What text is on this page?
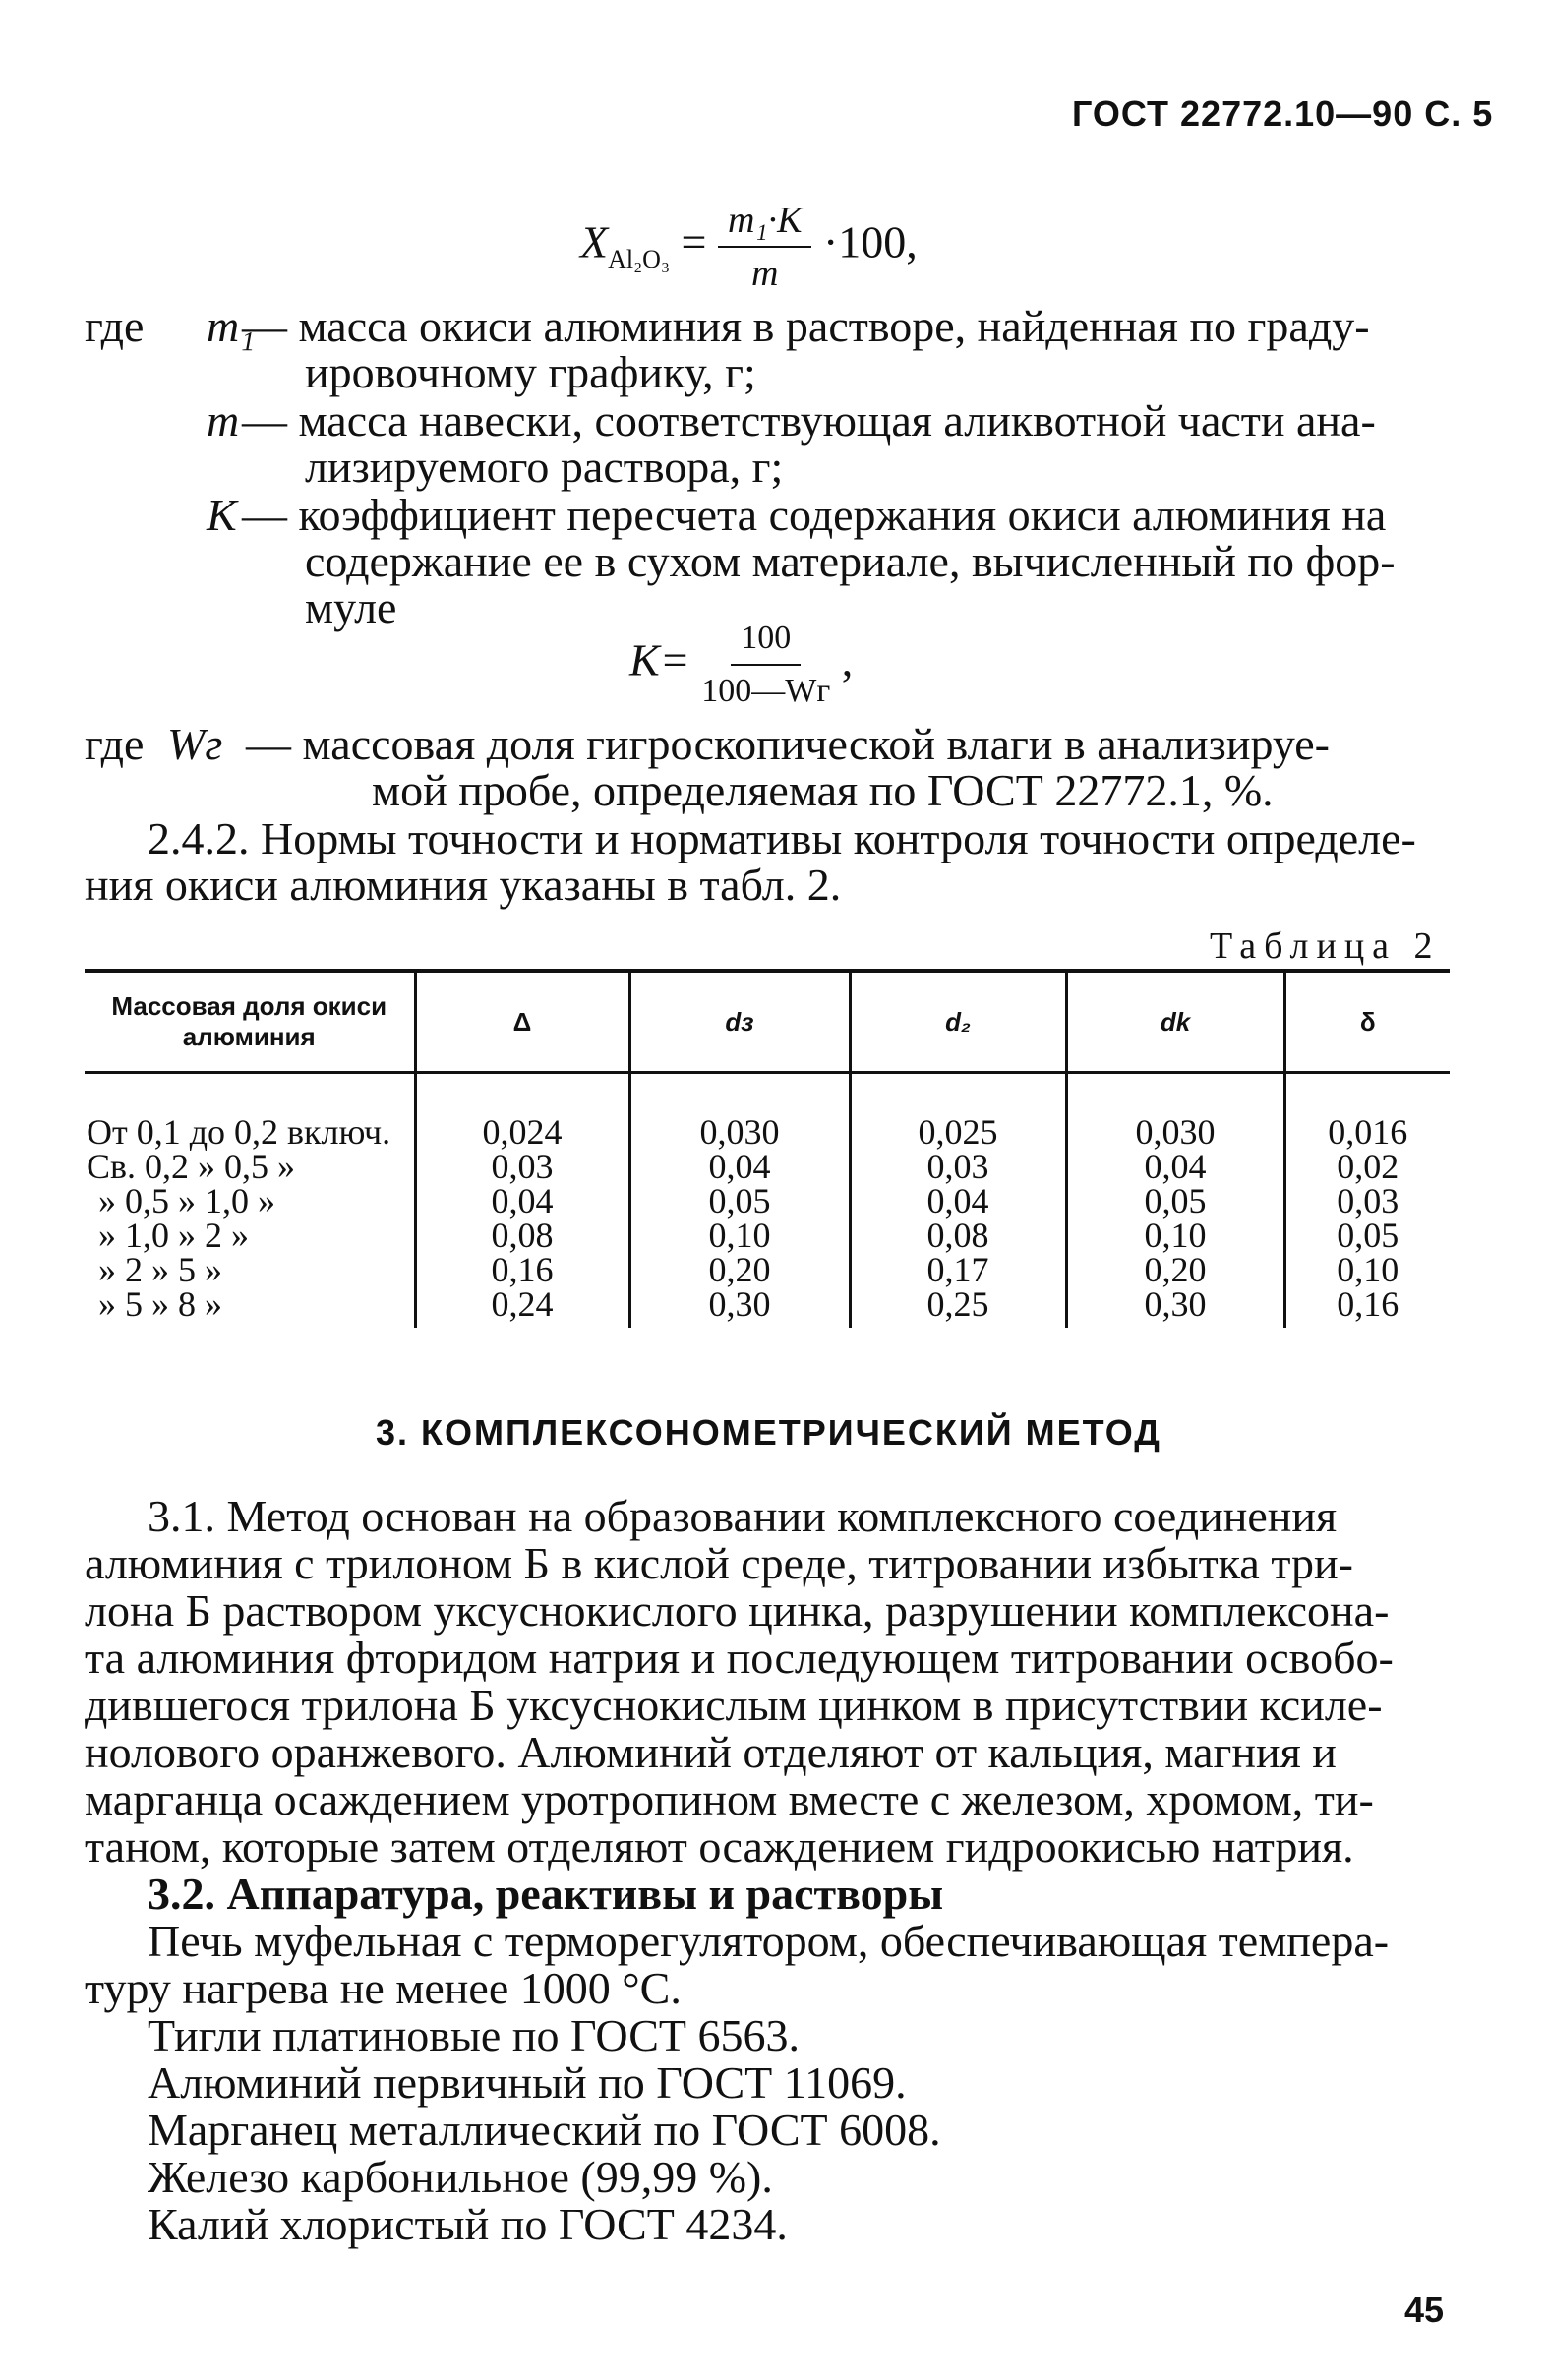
ГОСТ 22772.10—90 С. 5
$X_{Al_2O_3} = \frac{\text{m₁·K}}{m} \cdot 100$,
где m₁
— масса окиси алюминия в растворе, найденная по граду-
ировочному графику, г;
m — масса навески, соответствующая аликвотной части ана-
лизируемого раствора, г;
K — коэффициент пересчета содержания окиси алюминия на
содержание ее в сухом материале, вычисленный по фор-
муле
$K= \frac{100}{100—Wг}$ ,
где Wг — массовая доля гигроскопической влаги в анализируе-
мой пробе, определяемая по ГОСТ 22772.1, %.
2.4.2. Нормы точности и нормативы контроля точности определе-
ния окиси алюминия указаны в табл. 2.
Таблица 2
Массовая доля окиси алюминия	Δ	dз	d₂	dk	δ
От 0,1 до 0,2 включ.	0,024	0,030	0,025	0,030	0,016
Св. 0,2 » 0,5 »	0,03	0,04	0,03	0,04	0,02
» 0,5 » 1,0 »	0,04	0,05	0,04	0,05	0,03
» 1,0 » 2 »	0,08	0,10	0,08	0,10	0,05
» 2 » 5 »	0,16	0,20	0,17	0,20	0,10
» 5 » 8 »	0,24	0,30	0,25	0,30	0,16
3. КОМПЛЕКСОНОМЕТРИЧЕСКИЙ МЕТОД
3.1. Метод основан на образовании комплексного соединения
алюминия с трилоном Б в кислой среде, титровании избытка три-
лона Б раствором уксуснокислого цинка, разрушении комплексона-
та алюминия фторидом натрия и последующем титровании освобо-
дившегося трилона Б уксуснокислым цинком в присутствии ксиле-
нолового оранжевого. Алюминий отделяют от кальция, магния и
марганца осаждением уротропином вместе с железом, хромом, ти-
таном, которые затем отделяют осаждением гидроокисью натрия.
3.2. Аппаратура, реактивы и растворы
Печь муфельная с терморегулятором, обеспечивающая темпера-
туру нагрева не менее 1000 °C.
Тигли платиновые по ГОСТ 6563.
Алюминий первичный по ГОСТ 11069.
Марганец металлический по ГОСТ 6008.
Железо карбонильное (99,99 %).
Калий хлористый по ГОСТ 4234.
45
